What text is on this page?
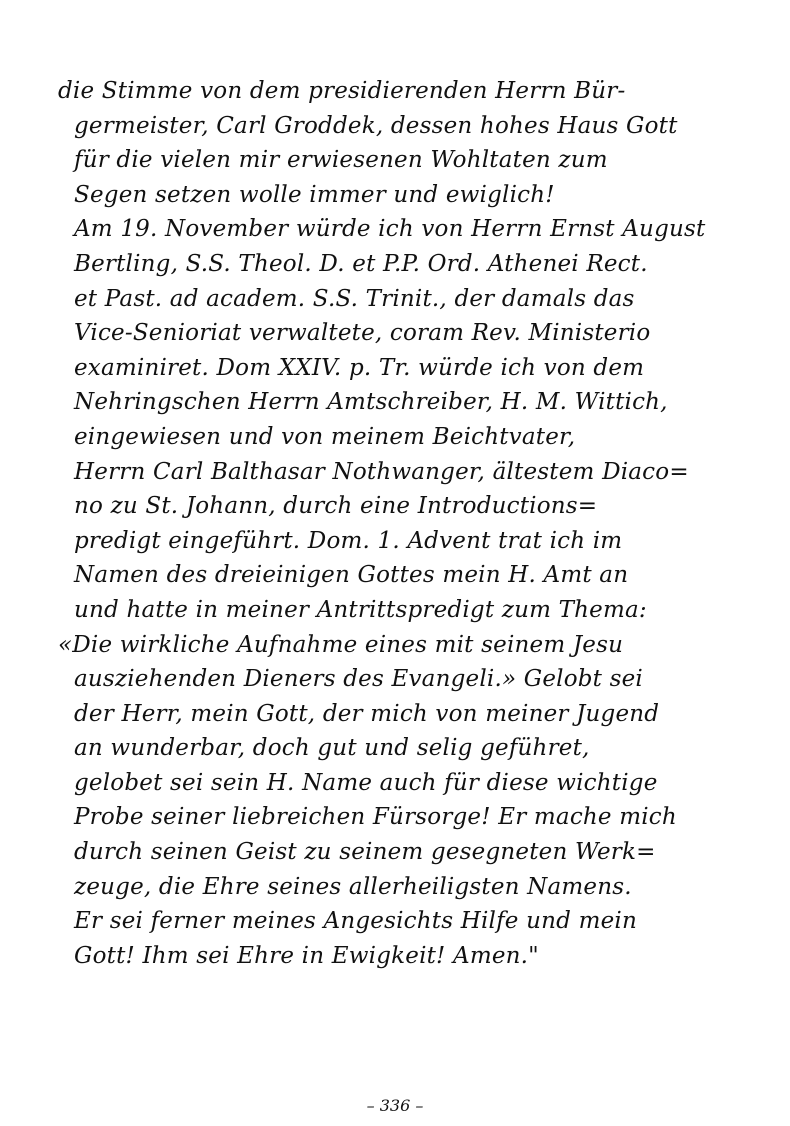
die Stimme von dem presidierenden Herrn Bür-
germeister, Carl Groddek, dessen hohes Haus Gott
für die vielen mir erwiesenen Wohltaten zum
Segen setzen wolle immer und ewiglich!
Am 19. November würde ich von Herrn Ernst August
Bertling, S.S. Theol. D. et P.P. Ord. Athenei Rect.
et Past. ad academ. S.S. Trinit., der damals das
Vice-Senioriat verwaltete, coram Rev. Ministerio
examiniret. Dom XXIV. p. Tr. würde ich von dem
Nehringschen Herrn Amtschreiber, H. M. Wittich,
eingewiesen und von meinem Beichtvater,
Herrn Carl Balthasar Nothwanger, ältestem Diaco=
no zu St. Johann, durch eine Introductions=
predigt eingeführt. Dom. 1. Advent trat ich im
Namen des dreieinigen Gottes mein H. Amt an
und hatte in meiner Antrittspredigt zum Thema:
«Die wirkliche Aufnahme eines mit seinem Jesu
ausziehenden Dieners des Evangeli.» Gelobt sei
der Herr, mein Gott, der mich von meiner Jugend
an wunderbar, doch gut und selig geführet,
gelobet sei sein H. Name auch für diese wichtige
Probe seiner liebreichen Fürsorge! Er mache mich
durch seinen Geist zu seinem gesegneten Werk=
zeuge, die Ehre seines allerheiligsten Namens.
Er sei ferner meines Angesichts Hilfe und mein
Gott! Ihm sei Ehre in Ewigkeit! Amen."
– 336 –
